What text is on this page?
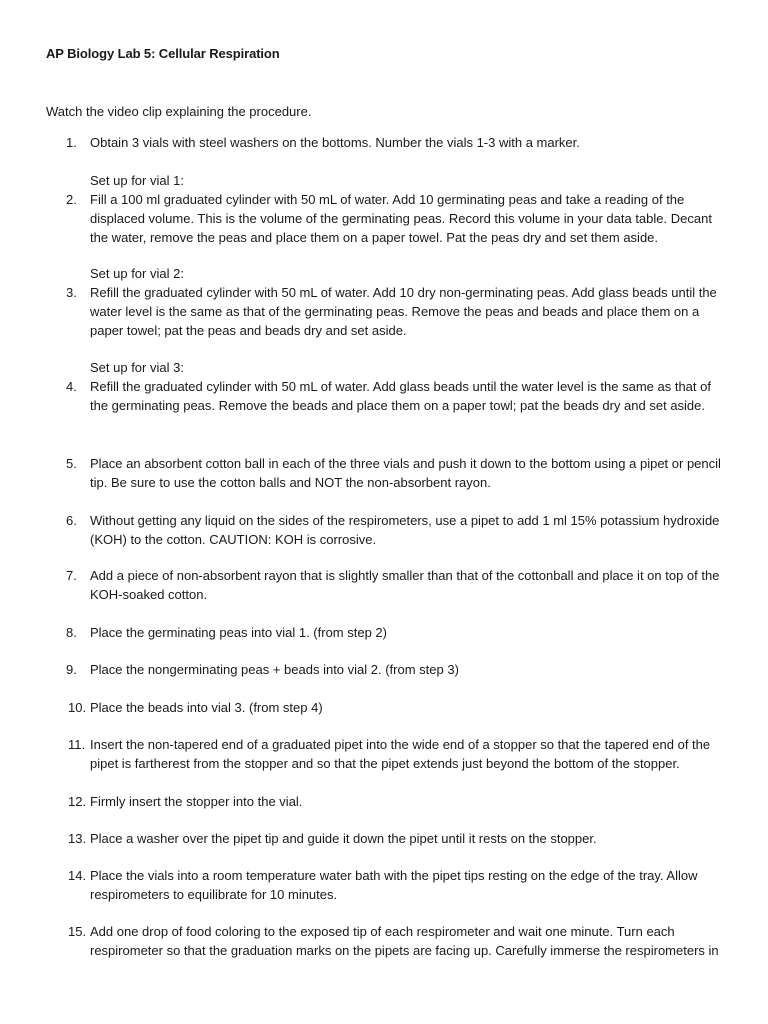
AP Biology Lab 5: Cellular Respiration
Watch the video clip explaining the procedure.
1. Obtain 3 vials with steel washers on the bottoms. Number the vials 1-3 with a marker.
Set up for vial 1:
2. Fill a 100 ml graduated cylinder with 50 mL of water. Add 10 germinating peas and take a reading of the displaced volume. This is the volume of the germinating peas. Record this volume in your data table. Decant the water, remove the peas and place them on a paper towel. Pat the peas dry and set them aside.
Set up for vial 2:
3. Refill the graduated cylinder with 50 mL of water. Add 10 dry non-germinating peas. Add glass beads until the water level is the same as that of the germinating peas. Remove the peas and beads and place them on a paper towel; pat the peas and beads dry and set aside.
Set up for vial 3:
4. Refill the graduated cylinder with 50 mL of water. Add glass beads until the water level is the same as that of the germinating peas. Remove the beads and place them on a paper towl; pat the beads dry and set aside.
5. Place an absorbent cotton ball in each of the three vials and push it down to the bottom using a pipet or pencil tip. Be sure to use the cotton balls and NOT the non-absorbent rayon.
6. Without getting any liquid on the sides of the respirometers, use a pipet to add 1 ml 15% potassium hydroxide (KOH) to the cotton. CAUTION: KOH is corrosive.
7. Add a piece of non-absorbent rayon that is slightly smaller than that of the cottonball and place it on top of the KOH-soaked cotton.
8. Place the germinating peas into vial 1. (from step 2)
9. Place the nongerminating peas + beads into vial 2. (from step 3)
10. Place the beads into vial 3. (from step 4)
11. Insert the non-tapered end of a graduated pipet into the wide end of a stopper so that the tapered end of the pipet is fartherest from the stopper and so that the pipet extends just beyond the bottom of the stopper.
12. Firmly insert the stopper into the vial.
13. Place a washer over the pipet tip and guide it down the pipet until it rests on the stopper.
14. Place the vials into a room temperature water bath with the pipet tips resting on the edge of the tray. Allow respirometers to equilibrate for 10 minutes.
15. Add one drop of food coloring to the exposed tip of each respirometer and wait one minute. Turn each respirometer so that the graduation marks on the pipets are facing up. Carefully immerse the respirometers in
